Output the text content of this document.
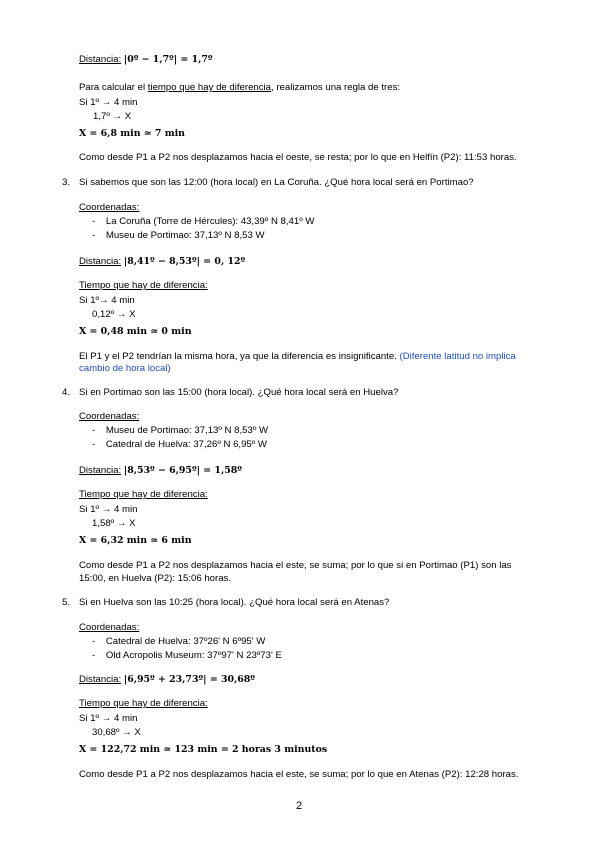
Distancia: |0º − 1,7º| = 1,7º
Para calcular el tiempo que hay de diferencia, realizamos una regla de tres:
Si 1º → 4 min
1,7º → X
X = 6,8 min ≃ 7 min
Como desde P1 a P2 nos desplazamos hacia el oeste, se resta; por lo que en Helfín (P2): 11:53 horas.
3. Si sabemos que son las 12:00 (hora local) en La Coruña. ¿Qué hora local será en Portimao?
Coordenadas:
-    La Coruña (Torre de Hércules): 43,39º N 8,41º W
-    Museu de Portimao: 37,13º N 8,53 W
Distancia: |8,41º − 8,53º| = 0, 12º
Tiempo que hay de diferencia:
Si 1º→ 4 min
0,12º → X
X = 0,48 min ≃ 0 min
El P1 y el P2 tendrían la misma hora, ya que la diferencia es insignificante. (Diferente latitud no implica
cambio de hora local)
4. Si en Portimao son las 15:00 (hora local). ¿Qué hora local será en Huelva?
Coordenadas:
-    Museu de Portimao: 37,13º N 8,53º W
-    Catedral de Huelva: 37,26º N 6,95º W
Distancia: |8,53º − 6,95º| = 1,58º
Tiempo que hay de diferencia:
Si 1º → 4 min
1,58º → X
X = 6,32 min ≃ 6 min
Como desde P1 a P2 nos desplazamos hacia el este, se suma; por lo que si en Portimao (P1) son las
15:00, en Huelva (P2): 15:06 horas.
5. Si en Huelva son las 10:25 (hora local). ¿Qué hora local será en Atenas?
Coordenadas:
-    Catedral de Huelva: 37º26' N 6º95' W
-    Old Acropolis Museum: 37º97' N 23º73' E
Distancia: |6,95º + 23,73º| = 30,68º
Tiempo que hay de diferencia:
Si 1º → 4 min
30,68º → X
X = 122,72 min ≃ 123 min = 2 horas 3 minutos
Como desde P1 a P2 nos desplazamos hacia el este, se suma; por lo que en Atenas (P2): 12:28 horas.
2
